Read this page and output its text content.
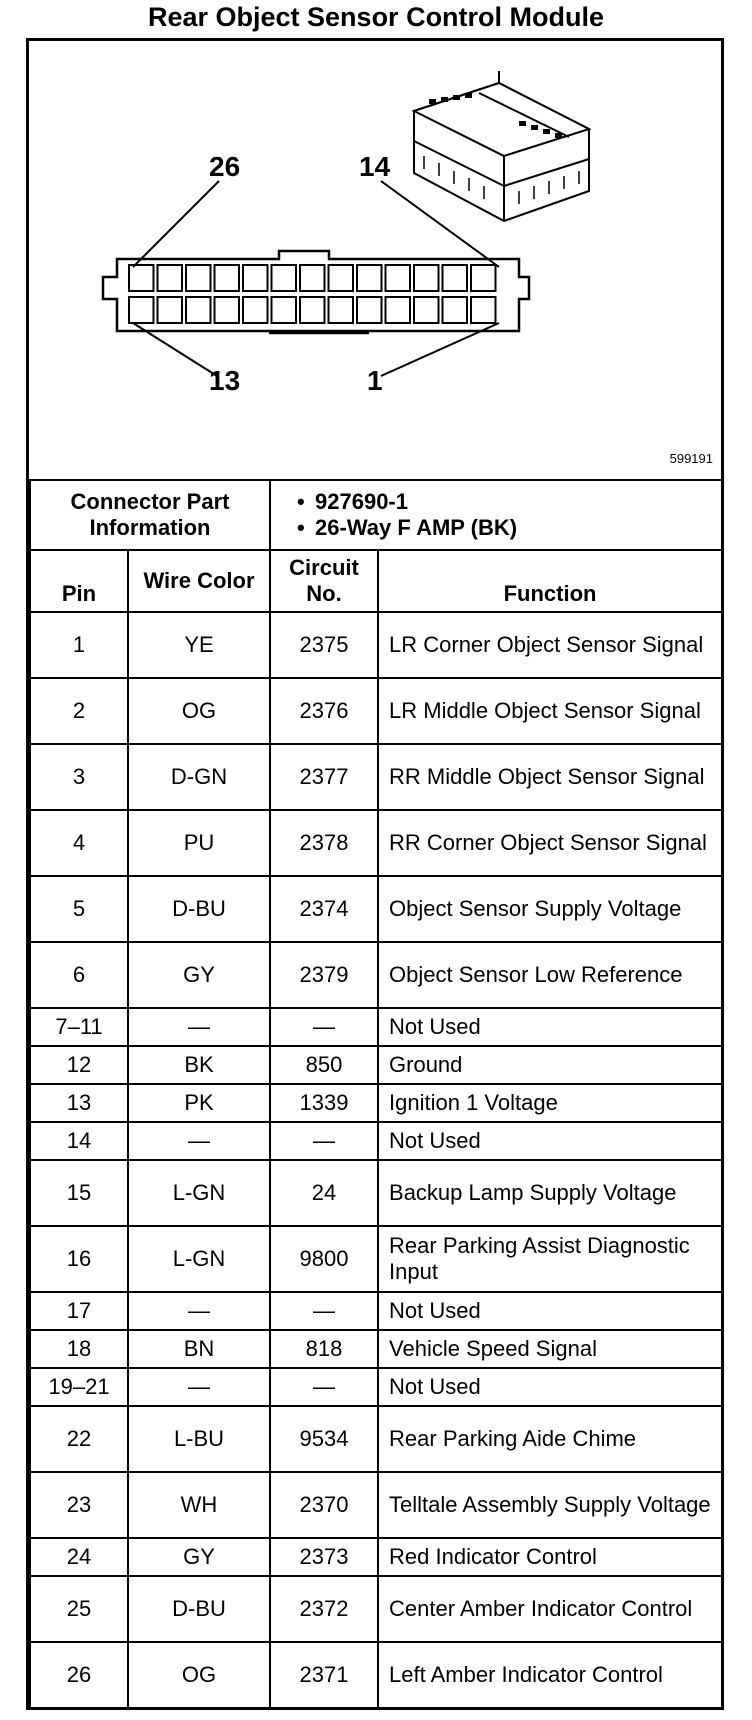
Rear Object Sensor Control Module
26	14
13	1
599191
Connector Part Information		• 927690-1
• 26-Way F AMP (BK)

Pin	Wire Color	Circuit No.	Function
1	YE	2375	LR Corner Object Sensor Signal
2	OG	2376	LR Middle Object Sensor Signal
3	D-GN	2377	RR Middle Object Sensor Signal
4	PU	2378	RR Corner Object Sensor Signal
5	D-BU	2374	Object Sensor Supply Voltage
6	GY	2379	Object Sensor Low Reference
7–11	—	—	Not Used
12	BK	850	Ground
13	PK	1339	Ignition 1 Voltage
14	—	—	Not Used
15	L-GN	24	Backup Lamp Supply Voltage
16	L-GN	9800	Rear Parking Assist Diagnostic Input
17	—	—	Not Used
18	BN	818	Vehicle Speed Signal
19–21	—	—	Not Used
22	L-BU	9534	Rear Parking Aide Chime
23	WH	2370	Telltale Assembly Supply Voltage
24	GY	2373	Red Indicator Control
25	D-BU	2372	Center Amber Indicator Control
26	OG	2371	Left Amber Indicator Control
